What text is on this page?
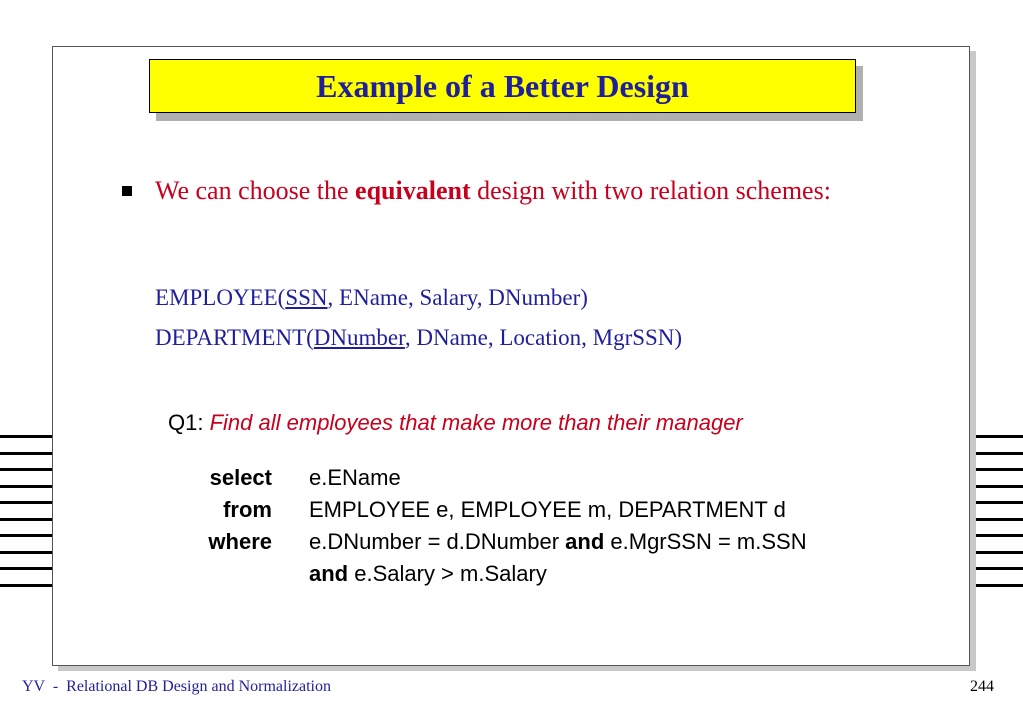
Example of a Better Design
We can choose the equivalent design with two relation schemes:
EMPLOYEE(SSN, EName, Salary, DNumber)
DEPARTMENT(DNumber, DName, Location, MgrSSN)
Q1: Find all employees that make more than their manager
select e.EName
from EMPLOYEE e, EMPLOYEE m, DEPARTMENT d
where e.DNumber = d.DNumber and e.MgrSSN = m.SSN
and e.Salary > m.Salary
YV  -  Relational DB Design and Normalization	244
